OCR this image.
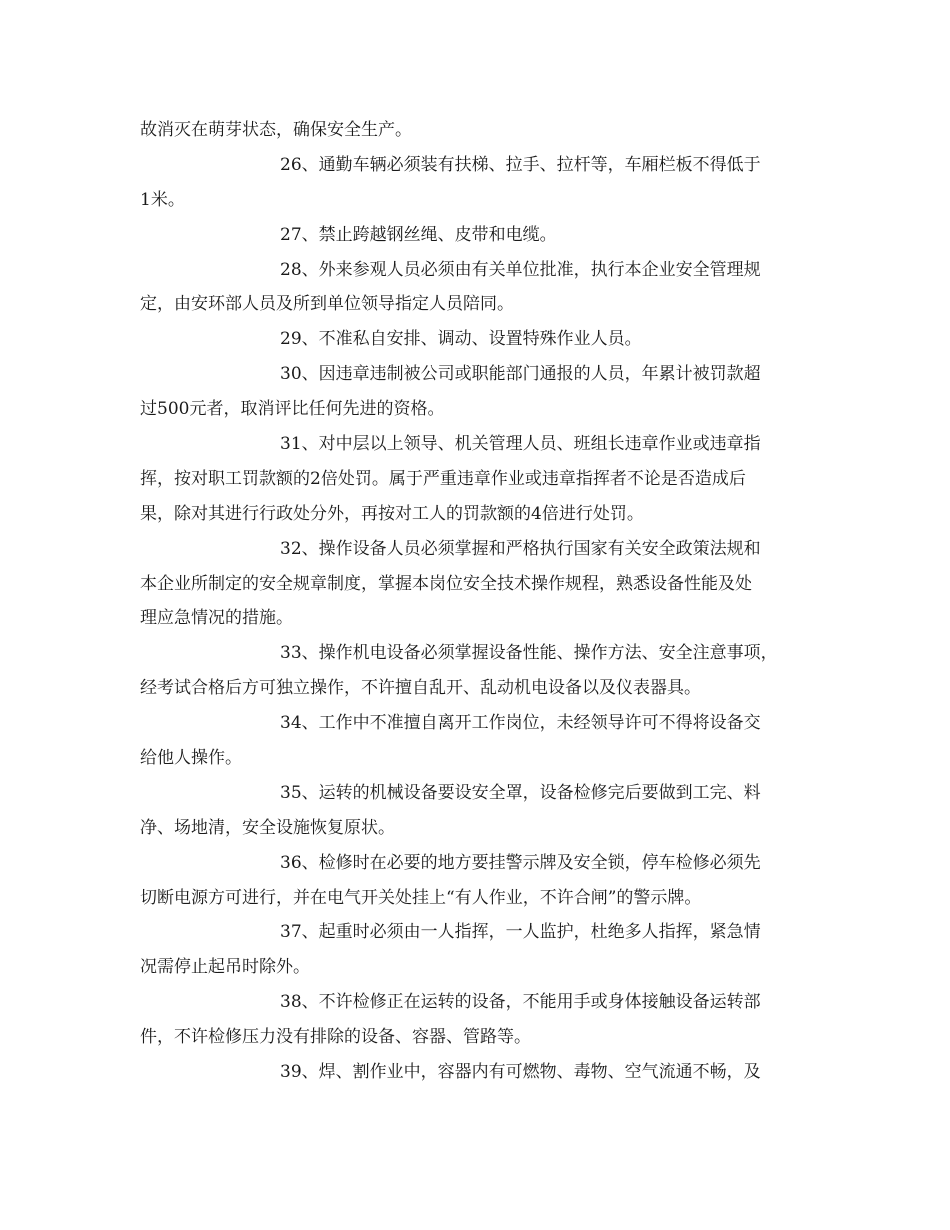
故消灭在萌芽状态，确保安全生产。
26、通勤车辆必须装有扶梯、拉手、拉杆等，车厢栏板不得低于
1米。
27、禁止跨越钢丝绳、皮带和电缆。
28、外来参观人员必须由有关单位批准，执行本企业安全管理规
定，由安环部人员及所到单位领导指定人员陪同。
29、不准私自安排、调动、设置特殊作业人员。
30、因违章违制被公司或职能部门通报的人员，年累计被罚款超
过500元者，取消评比任何先进的资格。
31、对中层以上领导、机关管理人员、班组长违章作业或违章指
挥，按对职工罚款额的2倍处罚。属于严重违章作业或违章指挥者不论是否造成后
果，除对其进行行政处分外，再按对工人的罚款额的4倍进行处罚。
32、操作设备人员必须掌握和严格执行国家有关安全政策法规和
本企业所制定的安全规章制度，掌握本岗位安全技术操作规程，熟悉设备性能及处
理应急情况的措施。
33、操作机电设备必须掌握设备性能、操作方法、安全注意事项，
经考试合格后方可独立操作，不许擅自乱开、乱动机电设备以及仪表器具。
34、工作中不准擅自离开工作岗位，未经领导许可不得将设备交
给他人操作。
35、运转的机械设备要设安全罩，设备检修完后要做到工完、料
净、场地清，安全设施恢复原状。
36、检修时在必要的地方要挂警示牌及安全锁，停车检修必须先
切断电源方可进行，并在电气开关处挂上“有人作业，不许合闸”的警示牌。
37、起重时必须由一人指挥，一人监护，杜绝多人指挥，紧急情
况需停止起吊时除外。
38、不许检修正在运转的设备，不能用手或身体接触设备运转部
件，不许检修压力没有排除的设备、容器、管路等。
39、焊、割作业中，容器内有可燃物、毒物、空气流通不畅，及
